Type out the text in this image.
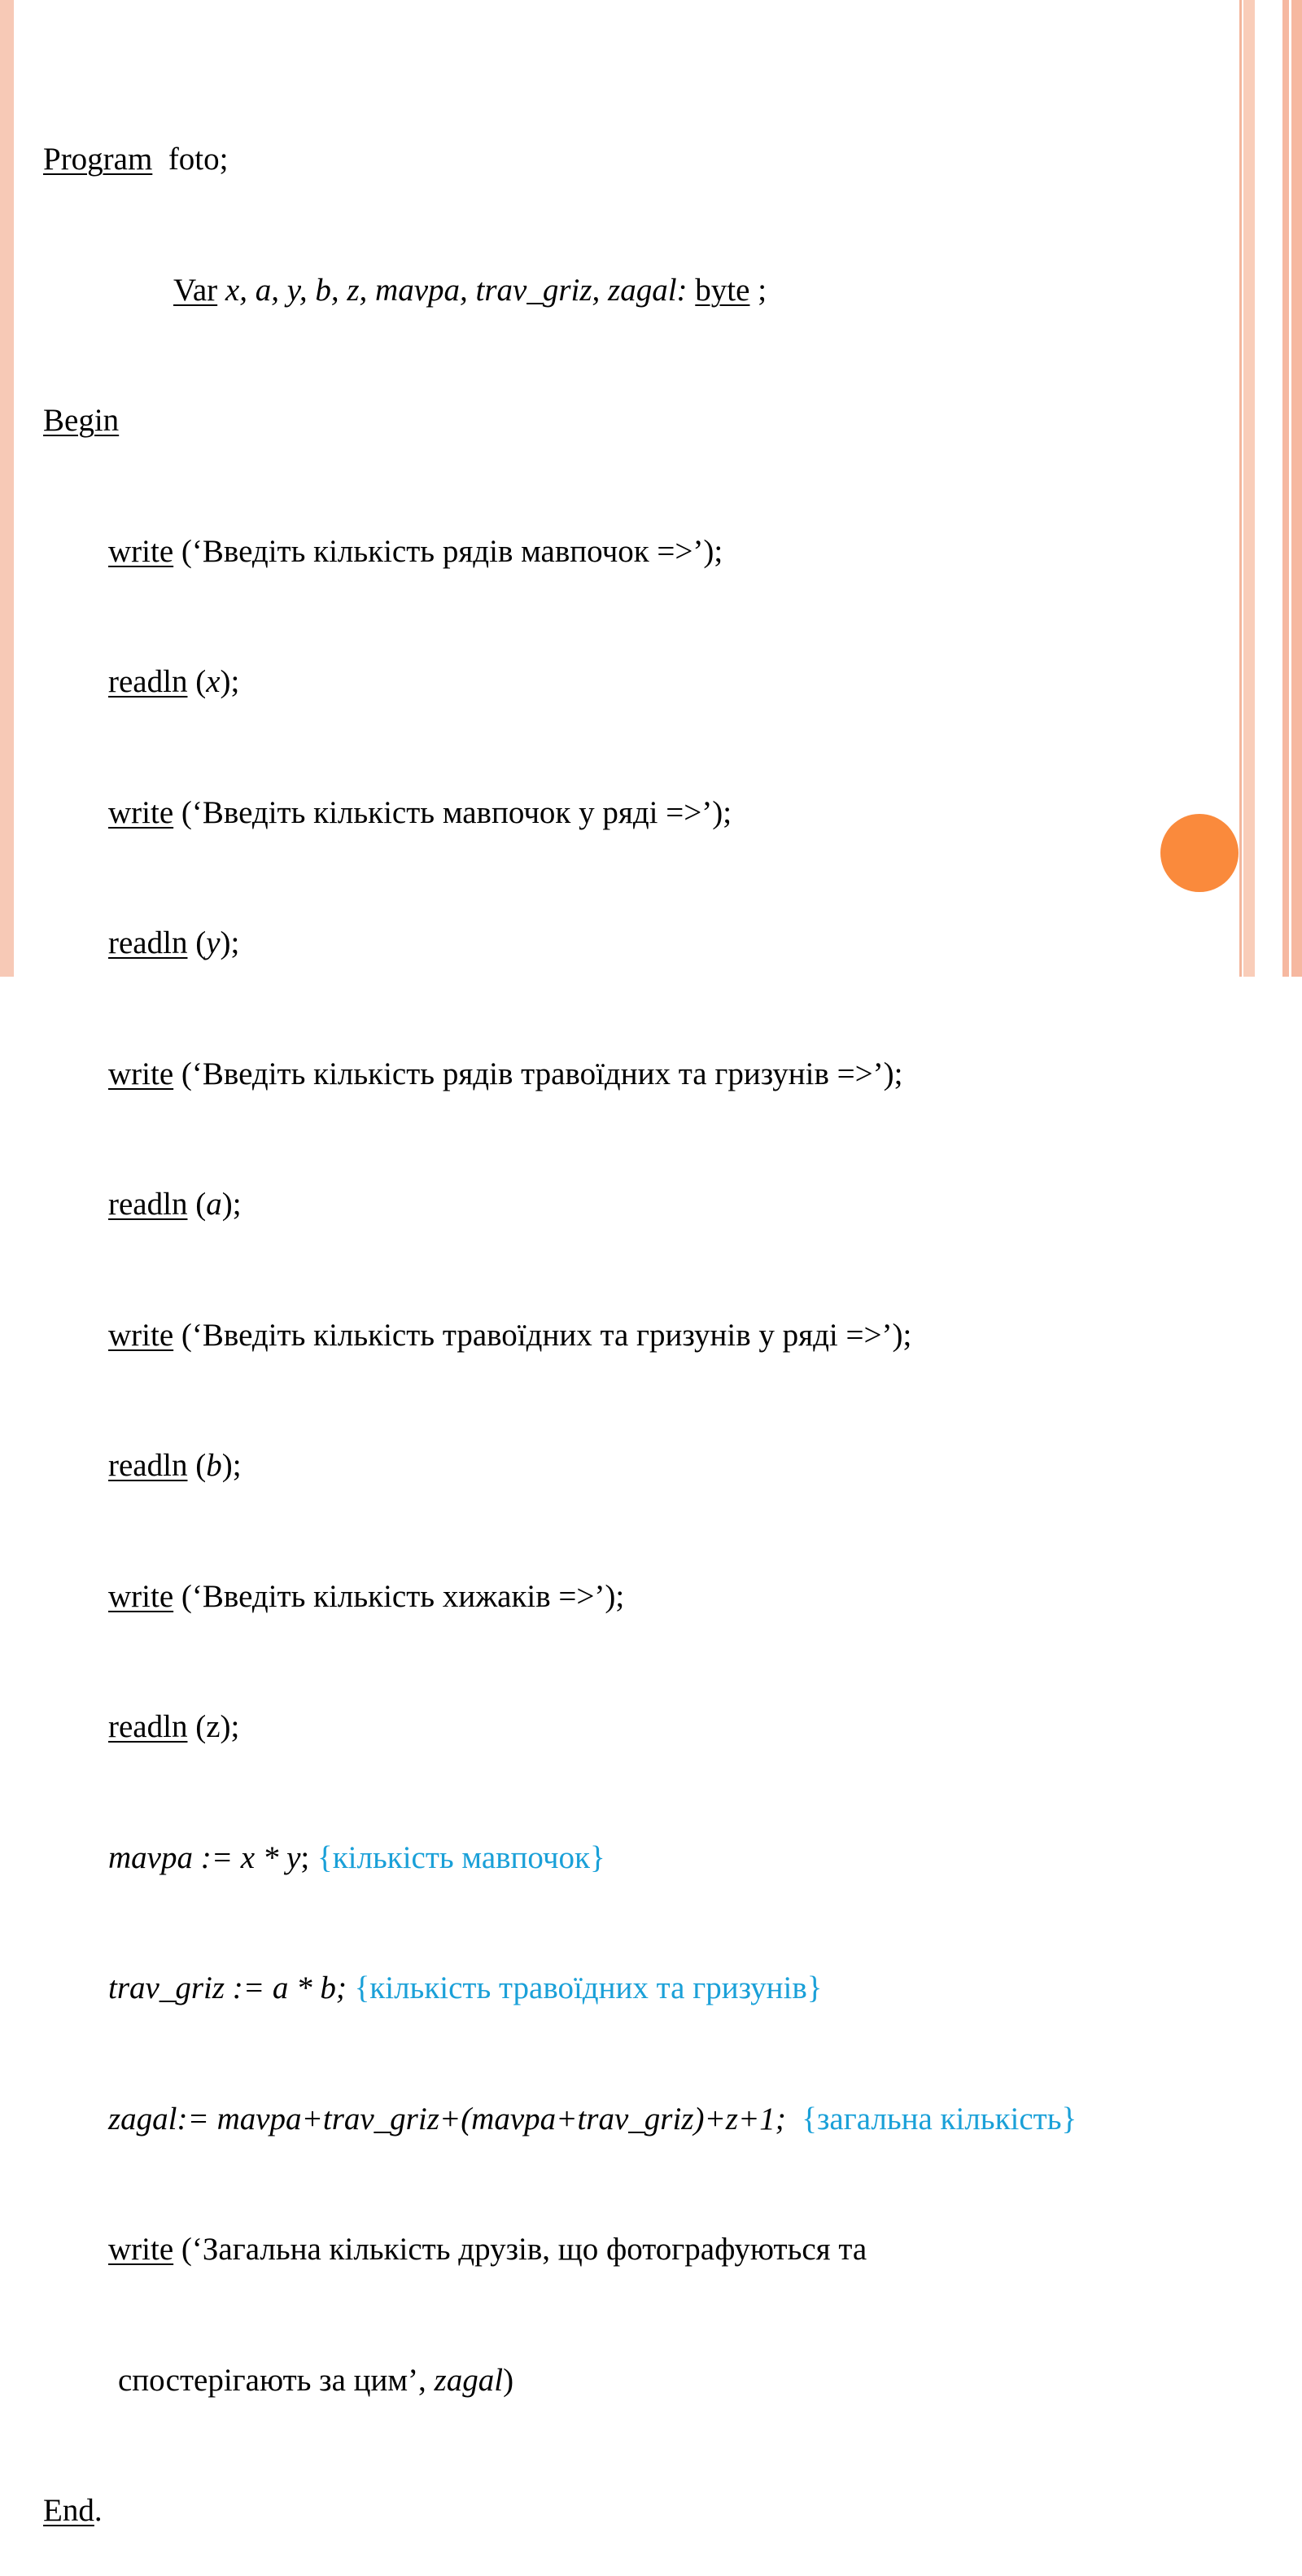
Program  foto;

Var x, a, y, b, z, mavpa, trav_griz, zagal: byte ;

Begin

write (‘Введіть кількість рядів мавпочок =>’);

readln (x);

write (‘Введіть кількість мавпочок у ряді =>’);

readln (y);

write (‘Введіть кількість рядів травоїдних та гризунів =>’);

readln (a);

write (‘Введіть кількість травоїдних та гризунів у ряді =>’);

readln (b);

write (‘Введіть кількість хижаків =>’);

readln (z);

mavpa := x * y; {кількість мавпочок}

trav_griz := a * b; {кількість травоїдних та гризунів}

zagal:= mavpa+trav_griz+(mavpa+trav_griz)+z+1; {загальна кількість}

write (‘Загальна кількість друзів, що фотографуються та

спостерігають за цим’, zagal)

End.
